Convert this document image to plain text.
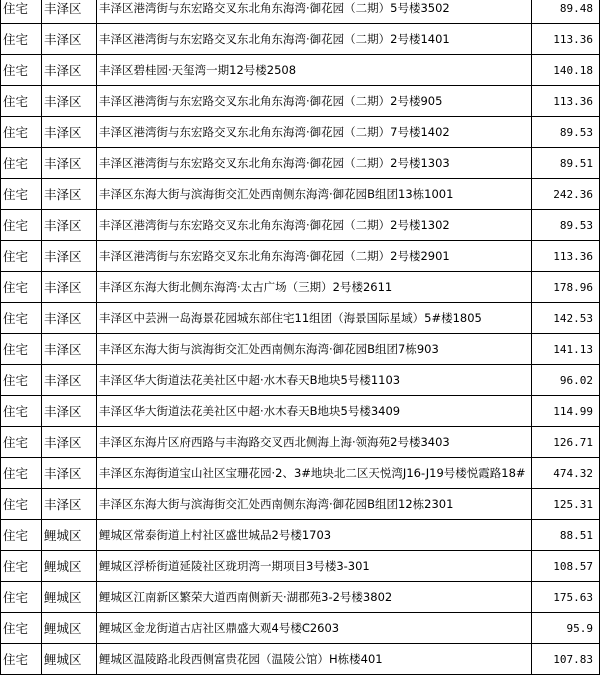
住宅	丰泽区	丰泽区港湾街与东宏路交叉东北角东海湾·御花园（二期）5号楼3502	89.48
住宅	丰泽区	丰泽区港湾街与东宏路交叉东北角东海湾·御花园（二期）2号楼1401	113.36
住宅	丰泽区	丰泽区碧桂园·天玺湾一期12号楼2508	140.18
住宅	丰泽区	丰泽区港湾街与东宏路交叉东北角东海湾·御花园（二期）2号楼905	113.36
住宅	丰泽区	丰泽区港湾街与东宏路交叉东北角东海湾·御花园（二期）7号楼1402	89.53
住宅	丰泽区	丰泽区港湾街与东宏路交叉东北角东海湾·御花园（二期）2号楼1303	89.51
住宅	丰泽区	丰泽区东海大街与滨海街交汇处西南侧东海湾·御花园B组团13栋1001	242.36
住宅	丰泽区	丰泽区港湾街与东宏路交叉东北角东海湾·御花园（二期）2号楼1302	89.53
住宅	丰泽区	丰泽区港湾街与东宏路交叉东北角东海湾·御花园（二期）2号楼2901	113.36
住宅	丰泽区	丰泽区东海大街北侧东海湾·太古广场（三期）2号楼2611	178.96
住宅	丰泽区	丰泽区中芸洲一岛海景花园城东部住宅11组团（海景国际星域）5#楼1805	142.53
住宅	丰泽区	丰泽区东海大街与滨海街交汇处西南侧东海湾·御花园B组团7栋903	141.13
住宅	丰泽区	丰泽区华大街道法花美社区中超·水木春天B地块5号楼1103	96.02
住宅	丰泽区	丰泽区华大街道法花美社区中超·水木春天B地块5号楼3409	114.99
住宅	丰泽区	丰泽区东海片区府西路与丰海路交叉西北侧海上海·领海苑2号楼3403	126.71
住宅	丰泽区	丰泽区东海街道宝山社区宝珊花园·2、3#地块北二区天悦湾J16-J19号楼悦霞路18#	474.32
住宅	丰泽区	丰泽区东海大街与滨海街交汇处西南侧东海湾·御花园B组团12栋2301	125.31
住宅	鲤城区	鲤城区常泰街道上村社区盛世城品2号楼1703	88.51
住宅	鲤城区	鲤城区浮桥街道延陵社区珑玥湾一期项目3号楼3-301	108.57
住宅	鲤城区	鲤城区江南新区繁荣大道西南侧新天·湖郡苑3-2号楼3802	175.63
住宅	鲤城区	鲤城区金龙街道古店社区鼎盛大观4号楼C2603	95.9
住宅	鲤城区	鲤城区温陵路北段西侧富贵花园（温陵公馆）H栋楼401	107.83
